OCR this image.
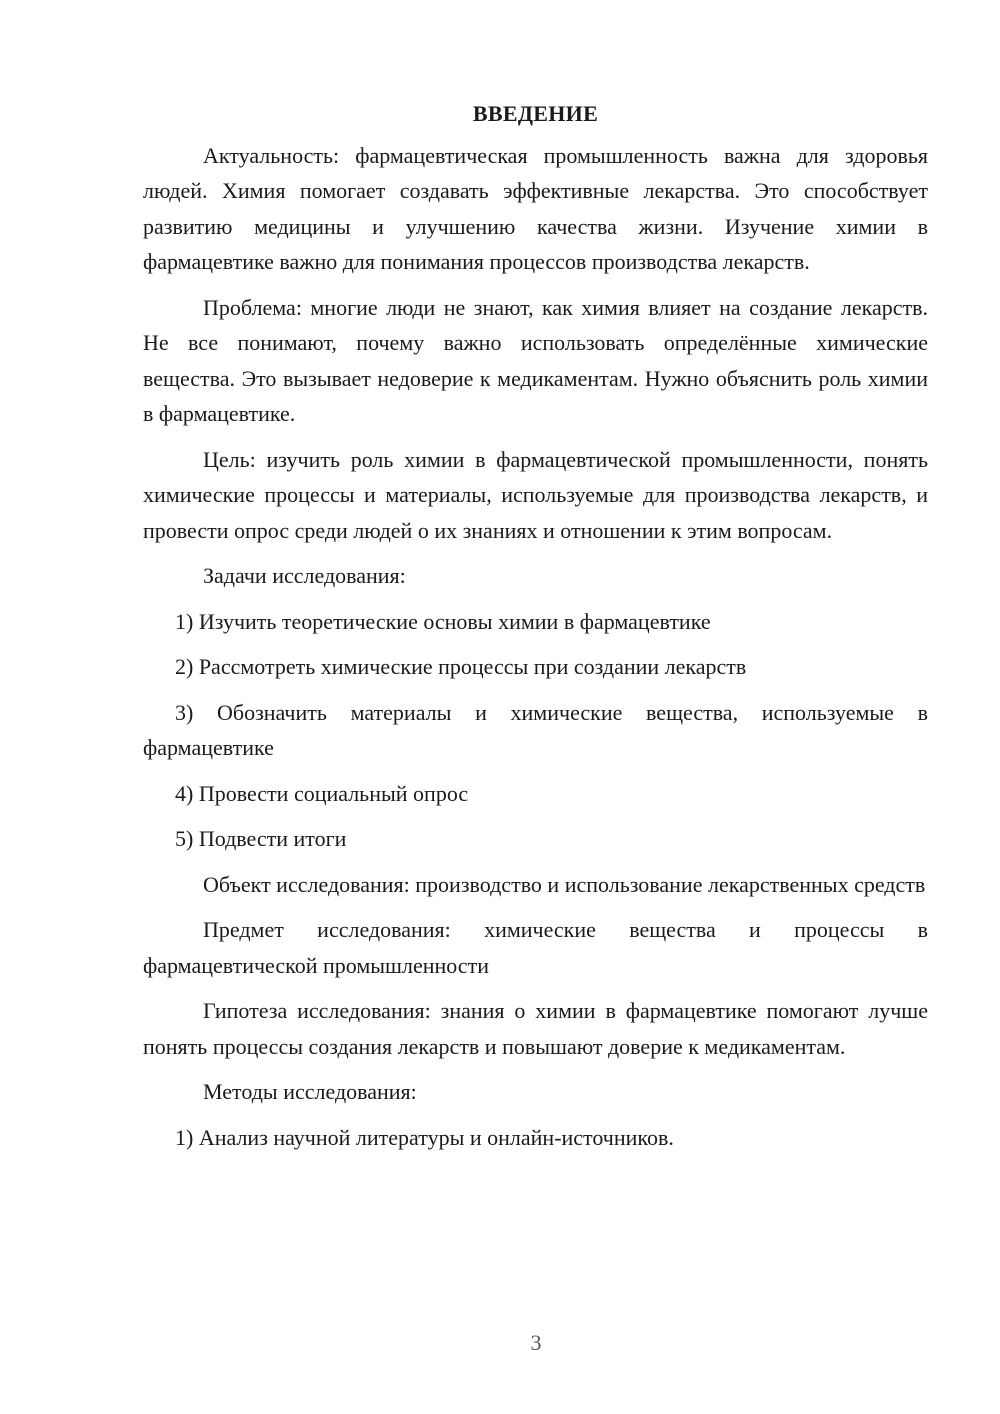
ВВЕДЕНИЕ

Актуальность: фармацевтическая промышленность важна для здоровья людей. Химия помогает создавать эффективные лекарства. Это способствует развитию медицины и улучшению качества жизни. Изучение химии в фармацевтике важно для понимания процессов производства лекарств.

Проблема: многие люди не знают, как химия влияет на создание лекарств. Не все понимают, почему важно использовать определённые химические вещества. Это вызывает недоверие к медикаментам. Нужно объяснить роль химии в фармацевтике.

Цель: изучить роль химии в фармацевтической промышленности, понять химические процессы и материалы, используемые для производства лекарств, и провести опрос среди людей о их знаниях и отношении к этим вопросам.

Задачи исследования:

1) Изучить теоретические основы химии в фармацевтике

2) Рассмотреть химические процессы при создании лекарств

3) Обозначить материалы и химические вещества, используемые в фармацевтике

4) Провести социальный опрос

5) Подвести итоги

Объект исследования: производство и использование лекарственных средств

Предмет исследования: химические вещества и процессы в фармацевтической промышленности

Гипотеза исследования: знания о химии в фармацевтике помогают лучше понять процессы создания лекарств и повышают доверие к медикаментам.

Методы исследования:

1) Анализ научной литературы и онлайн-источников.

3
